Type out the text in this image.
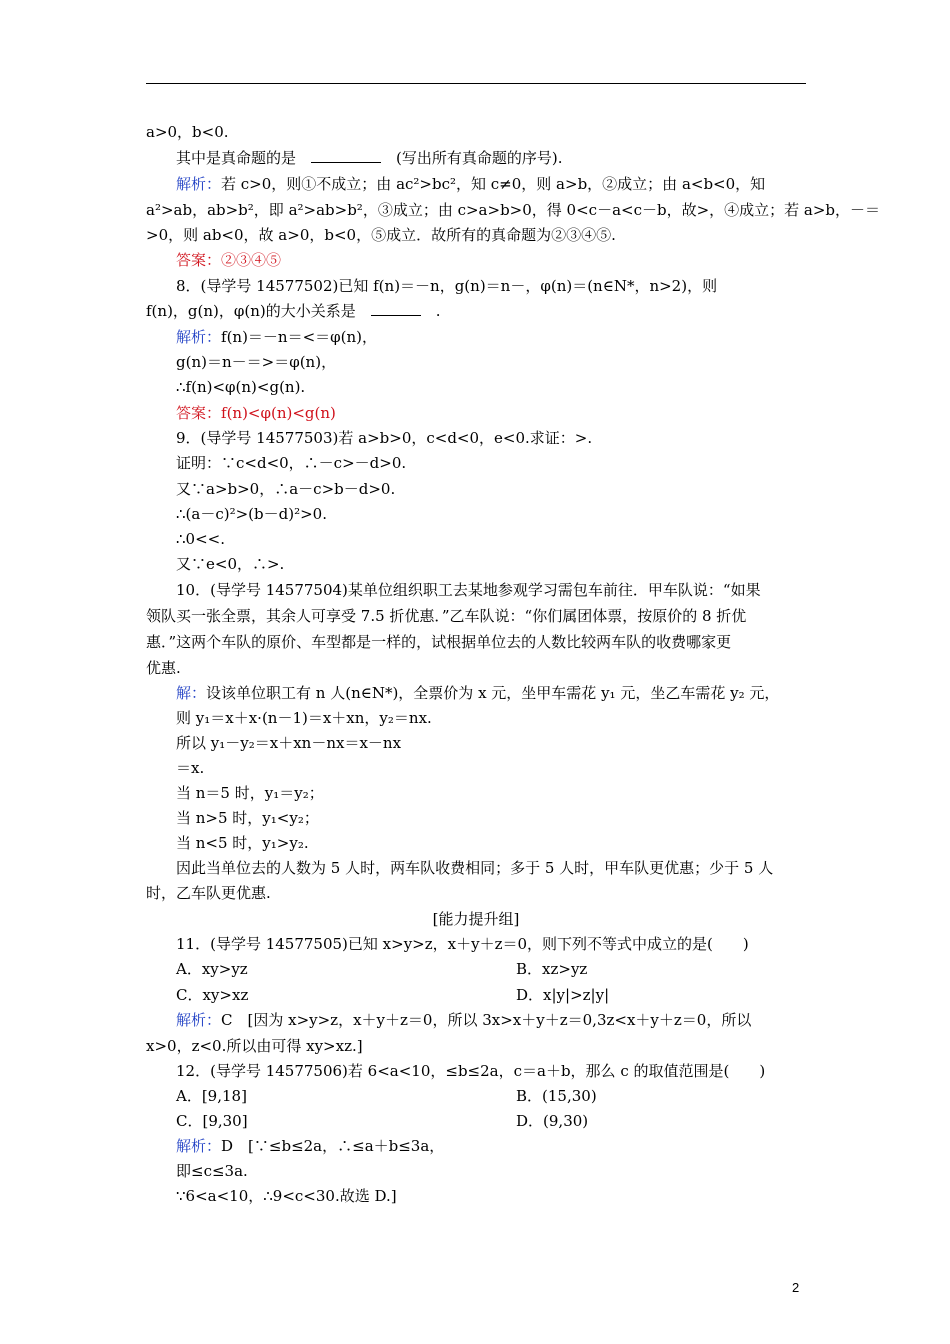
a>0，b<0.
其中是真命题的是　	　(写出所有真命题的序号).
解析：若 c>0，则①不成立；由 ac²>bc²，知 c≠0，则 a>b，②成立；由 a<b<0，知
a²>ab，ab>b²，即 a²>ab>b²，③成立；由 c>a>b>0，得 0<c－a<c－b，故>，④成立；若 a>b，－＝
>0，则 ab<0，故 a>0，b<0，⑤成立．故所有的真命题为②③④⑤.
答案：②③④⑤
8．(导学号 14577502)已知 f(n)＝－n，g(n)＝n－，φ(n)＝(n∈N*，n>2)，则
f(n)，g(n)，φ(n)的大小关系是　	　.
解析：f(n)＝－n＝<＝φ(n)，
g(n)＝n－＝>＝φ(n)，
∴f(n)<φ(n)<g(n).
答案：f(n)<φ(n)<g(n)
9．(导学号 14577503)若 a>b>0，c<d<0，e<0.求证：>.
证明：∵c<d<0，∴－c>－d>0.
又∵a>b>0，∴a－c>b－d>0.
∴(a－c)²>(b－d)²>0.
∴0<<.
又∵e<0，∴>.
10．(导学号 14577504)某单位组织职工去某地参观学习需包车前往．甲车队说：“如果
领队买一张全票，其余人可享受 7.5 折优惠．”乙车队说：“你们属团体票，按原价的 8 折优
惠．”这两个车队的原价、车型都是一样的，试根据单位去的人数比较两车队的收费哪家更
优惠.
解：设该单位职工有 n 人(n∈N*)，全票价为 x 元，坐甲车需花 y₁ 元，坐乙车需花 y₂ 元，
则 y₁＝x＋x·(n－1)＝x＋xn，y₂＝nx.
所以 y₁－y₂＝x＋xn－nx＝x－nx
＝x.
当 n＝5 时，y₁＝y₂；
当 n>5 时，y₁<y₂；
当 n<5 时，y₁>y₂.
因此当单位去的人数为 5 人时，两车队收费相同；多于 5 人时，甲车队更优惠；少于 5 人
时，乙车队更优惠.
[能力提升组]
11．(导学号 14577505)已知 x>y>z，x＋y＋z＝0，则下列不等式中成立的是(　　)
A．xy>yz	B．xz>yz
C．xy>xz	D．x|y|>z|y|
解析：C　[因为 x>y>z，x＋y＋z＝0，所以 3x>x＋y＋z＝0,3z<x＋y＋z＝0，所以
x>0，z<0.所以由可得 xy>xz.]
12．(导学号 14577506)若 6<a<10，≤b≤2a，c＝a＋b，那么 c 的取值范围是(　　)
A．[9,18]	B．(15,30)
C．[9,30]	D．(9,30)
解析：D　[∵≤b≤2a，∴≤a＋b≤3a，
即≤c≤3a.
∵6<a<10，∴9<c<30.故选 D.]
2
